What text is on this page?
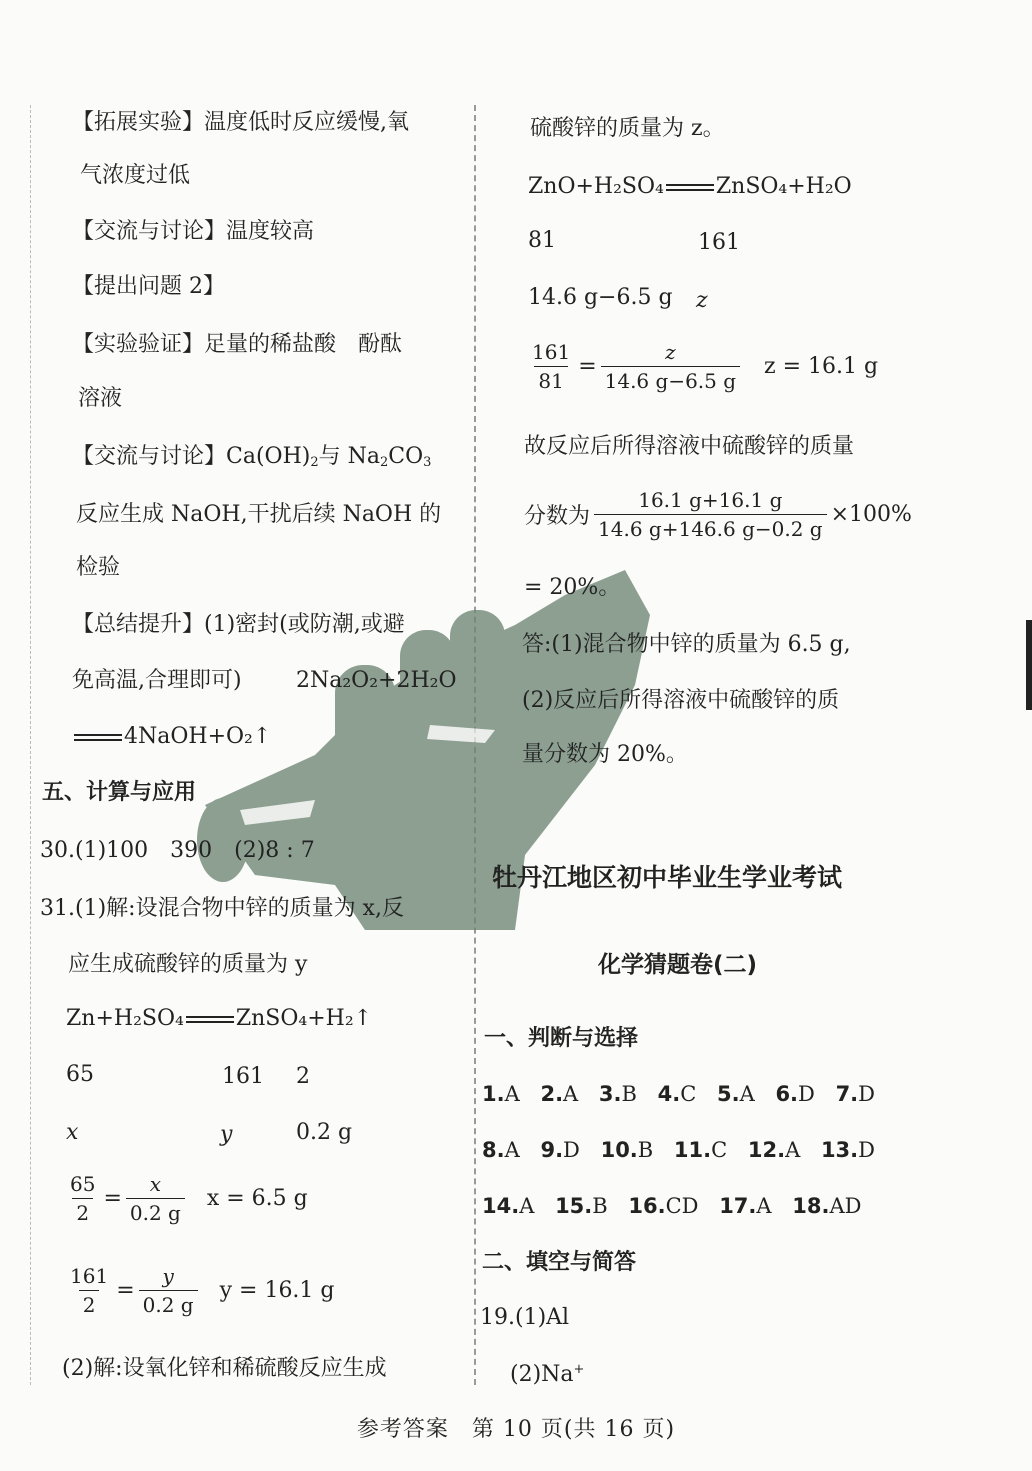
【拓展实验】温度低时反应缓慢,氧
气浓度过低
【交流与讨论】温度较高
【提出问题 2】
【实验验证】足量的稀盐酸　酚酞
溶液
【交流与讨论】$Ca(OH)_2$与 $Na_2CO_3$
反应生成 NaOH,干扰后续 NaOH 的
检验
【总结提升】(1)密封(或防潮,或避
免高温,合理即可) 2Na₂O₂+2H₂O
4NaOH+O₂↑
五、计算与应用
30.(1)100　390　(2)8 : 7
31.(1)解:设混合物中锌的质量为 x,反
应生成硫酸锌的质量为 y
Zn+H₂SO₄ ZnSO₄+H₂↑
65	161 2
x	y	0.2 g
$\frac{65}{2} = \frac{x}{0.2 g}$ x = 6.5 g
$\frac{161}{2} = \frac{y}{0.2 g}$ y = 16.1 g
(2)解:设氧化锌和稀硫酸反应生成
硫酸锌的质量为 z。
ZnO+H₂SO₄ ZnSO₄+H₂O
81	161
14.6 g−6.5 g z
$\frac{161}{81} = \frac{z}{14.6 g-6.5 g}$ z = 16.1 g
故反应后所得溶液中硫酸锌的质量
分数为 $\frac{16.1 g+16.1 g}{14.6 g+146.6 g-0.2 g} \times 100\%$
= 20%。
答:(1)混合物中锌的质量为 6.5 g,
(2)反应后所得溶液中硫酸锌的质
量分数为 20%。
牡丹江地区初中毕业生学业考试
化学猜题卷(二)
一、判断与选择
1.A 2.A 3.B 4.C 5.A 6.D 7.D
8.A 9.D 10.B 11.C 12.A 13.D
14.A 15.B 16.CD 17.A 18.AD
二、填空与简答
19.(1)Al
(2)Na+
参考答案　第 10 页(共 16 页)
